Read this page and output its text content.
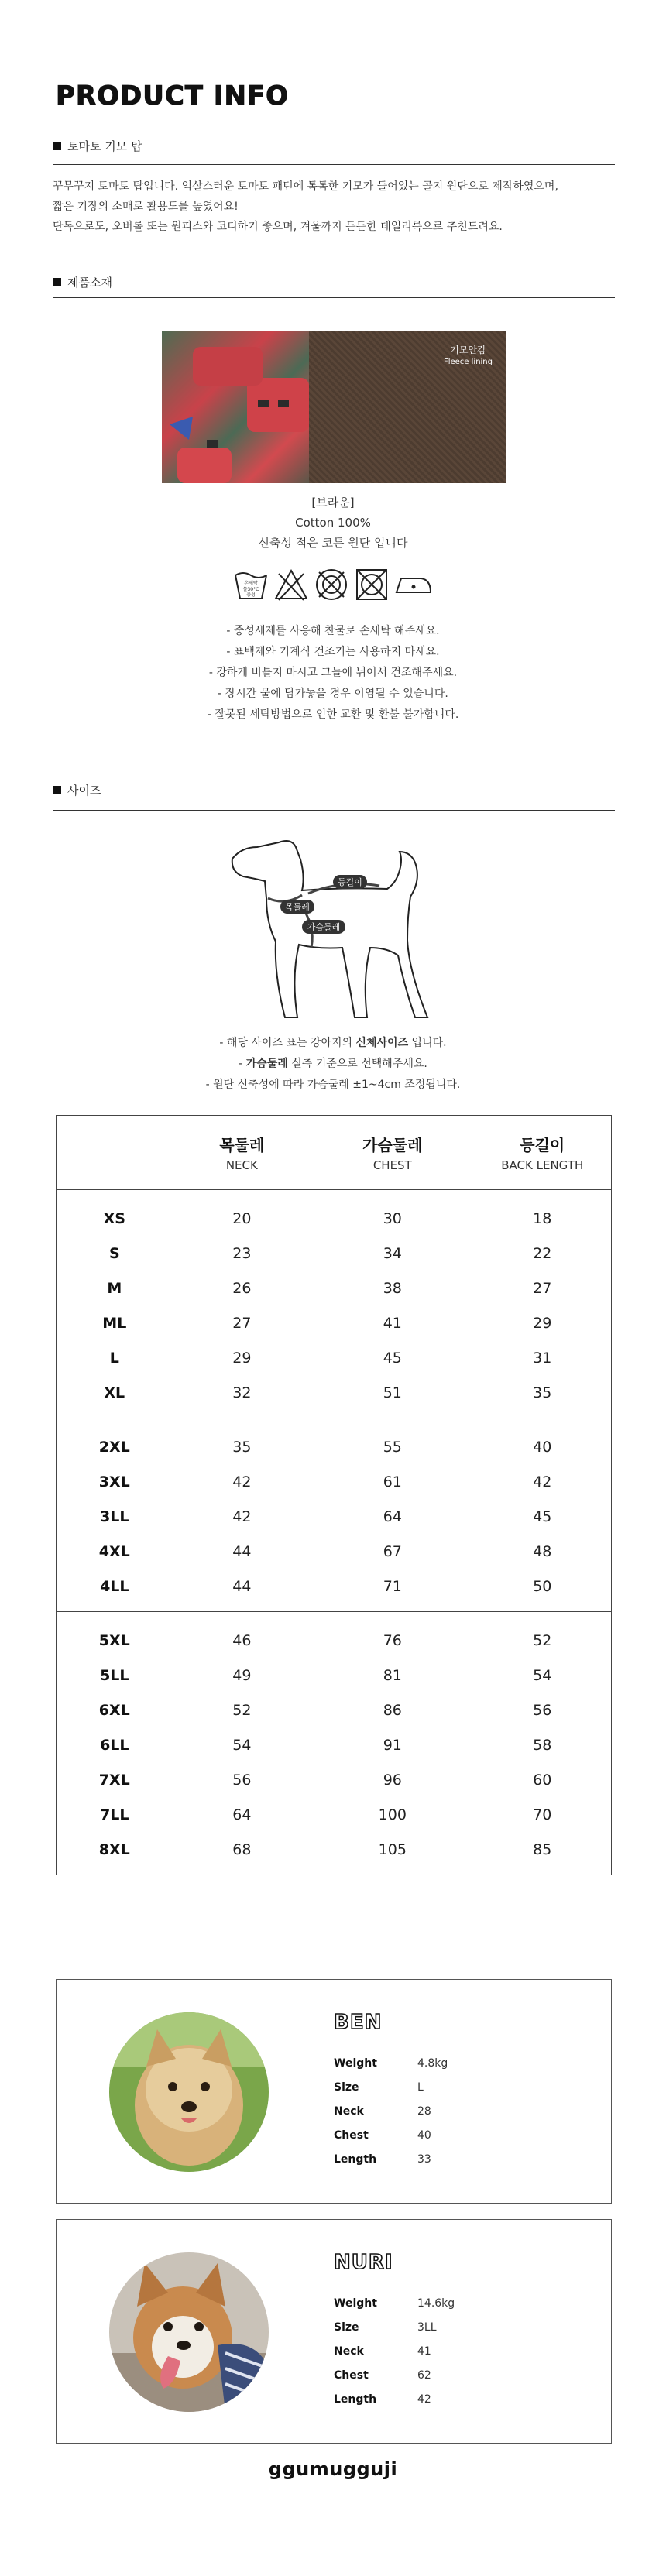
PRODUCT INFO
토마토 기모 탑

꾸무꾸지 토마토 탑입니다. 익살스러운 토마토 패턴에 톡톡한 기모가 들어있는 골지 원단으로 제작하였으며,

짧은 기장의 소매로 활용도를 높였어요!

단독으로도, 오버롤 또는 원피스와 코디하기 좋으며, 겨울까지 든든한 데일리룩으로 추천드려요.

제품소재
기모안감
Fleece lining
[브라운]
Cotton 100%
신축성 적은 코튼 원단 입니다
손세탁
물30°C
중성
- 중성세제를 사용해 찬물로 손세탁 해주세요.
- 표백제와 기계식 건조기는 사용하지 마세요.
- 강하게 비틀지 마시고 그늘에 뉘어서 건조해주세요.
- 장시간 물에 담가놓을 경우 이염될 수 있습니다.
- 잘못된 세탁방법으로 인한 교환 및 환불 불가합니다.
사이즈
목둘레
등길이
가슴둘레
- 해당 사이즈 표는 강아지의 신체사이즈 입니다.
- 가슴둘레 실측 기준으로 선택해주세요.
- 원단 신축성에 따라 가슴둘레 ±1~4cm 조정됩니다.
목둘레
NECK
가슴둘레
CHEST
등길이
BACK LENGTH
XS	20	30	18
S	23	34	22
M	26	38	27
ML	27	41	29
L	29	45	31
XL	32	51	35
2XL	35	55	40
3XL	42	61	42
3LL	42	64	45
4XL	44	67	48
4LL	44	71	50
5XL	46	76	52
5LL	49	81	54
6XL	52	86	56
6LL	54	91	58
7XL	56	96	60
7LL	64	100	70
8XL	68	105	85
BEN
Weight	4.8kg
Size	L
Neck	28
Chest	40
Length	33
NURI
Weight	14.6kg
Size	3LL
Neck	41
Chest	62
Length	42
ggumugguji
